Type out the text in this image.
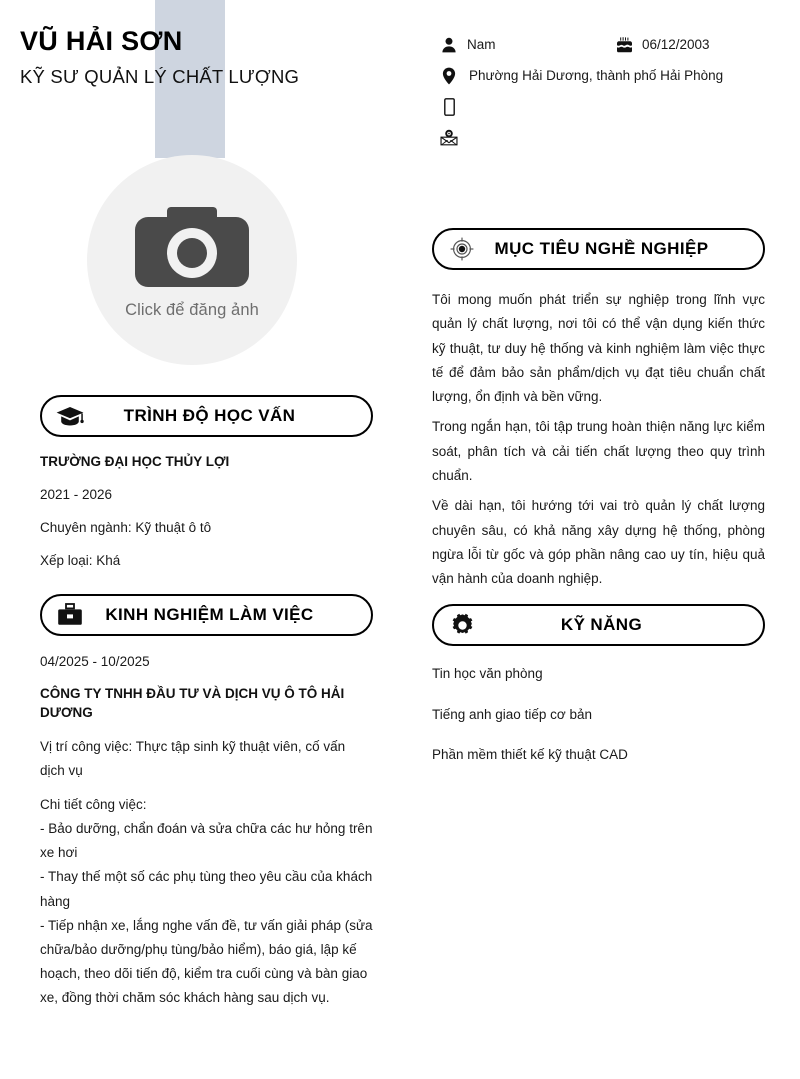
VŨ HẢI SƠN
KỸ SƯ QUẢN LÝ CHẤT LƯỢNG
Click để đăng ảnh
TRÌNH ĐỘ HỌC VẤN
TRƯỜNG ĐẠI HỌC THỦY LỢI
2021 - 2026
Chuyên ngành: Kỹ thuật ô tô
Xếp loại: Khá
KINH NGHIỆM LÀM VIỆC
04/2025 - 10/2025
CÔNG TY TNHH ĐẦU TƯ VÀ DỊCH VỤ Ô TÔ HẢI DƯƠNG
Vị trí công việc: Thực tập sinh kỹ thuật viên, cố vấn dịch vụ
Chi tiết công việc:
- Bảo dưỡng, chẩn đoán và sửa chữa các hư hỏng trên xe hơi
- Thay thế một số các phụ tùng theo yêu cầu của khách hàng
- Tiếp nhận xe, lắng nghe vấn đề, tư vấn giải pháp (sửa chữa/bảo dưỡng/phụ tùng/bảo hiểm), báo giá, lập kế hoạch, theo dõi tiến độ, kiểm tra cuối cùng và bàn giao xe, đồng thời chăm sóc khách hàng sau dịch vụ.
Nam	06/12/2003
Phường Hải Dương, thành phố Hải Phòng
MỤC TIÊU NGHỀ NGHIỆP
Tôi mong muốn phát triển sự nghiệp trong lĩnh vực quản lý chất lượng, nơi tôi có thể vận dụng kiến thức kỹ thuật, tư duy hệ thống và kinh nghiệm làm việc thực tế để đảm bảo sản phẩm/dịch vụ đạt tiêu chuẩn chất lượng, ổn định và bền vững.
Trong ngắn hạn, tôi tập trung hoàn thiện năng lực kiểm soát, phân tích và cải tiến chất lượng theo quy trình chuẩn.
Về dài hạn, tôi hướng tới vai trò quản lý chất lượng chuyên sâu, có khả năng xây dựng hệ thống, phòng ngừa lỗi từ gốc và góp phần nâng cao uy tín, hiệu quả vận hành của doanh nghiệp.
KỸ NĂNG
Tin học văn phòng
Tiếng anh giao tiếp cơ bản
Phần mềm thiết kế kỹ thuật CAD
